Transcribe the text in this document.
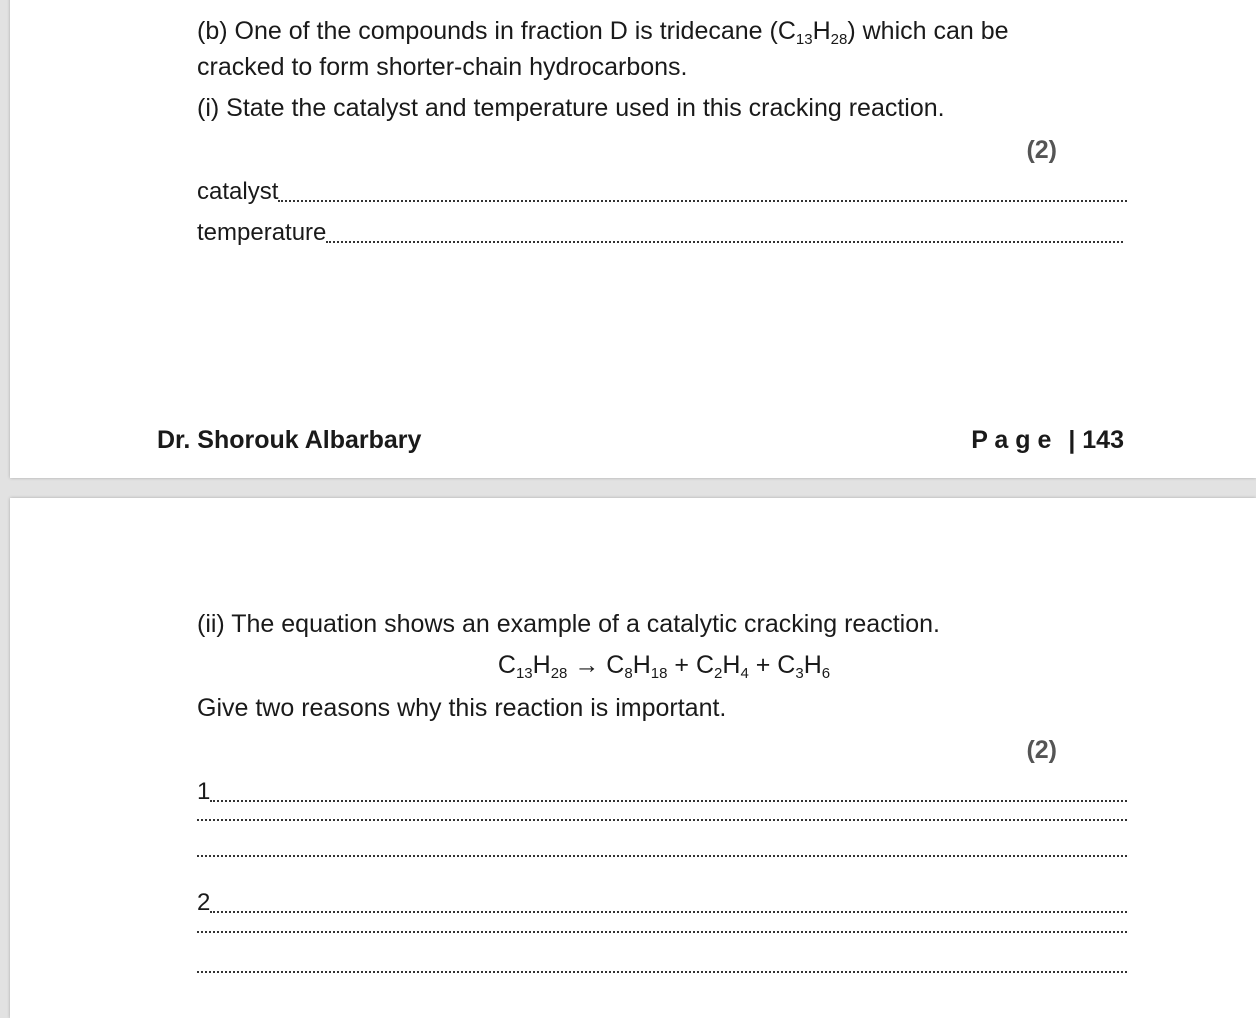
(b) One of the compounds in fraction D is tridecane $(C_{13}H_{28})$ which can be
cracked to form shorter-chain hydrocarbons.
(i) State the catalyst and temperature used in this cracking reaction.
(2)
catalyst
temperature
Dr. Shorouk Albarbary	P a g e | 143
(ii) The equation shows an example of a catalytic cracking reaction.
$C_{13}H_{28} \to C_8H_{18} + C_2H_4 + C_3H_6$
Give two reasons why this reaction is important.
(2)
1
2
